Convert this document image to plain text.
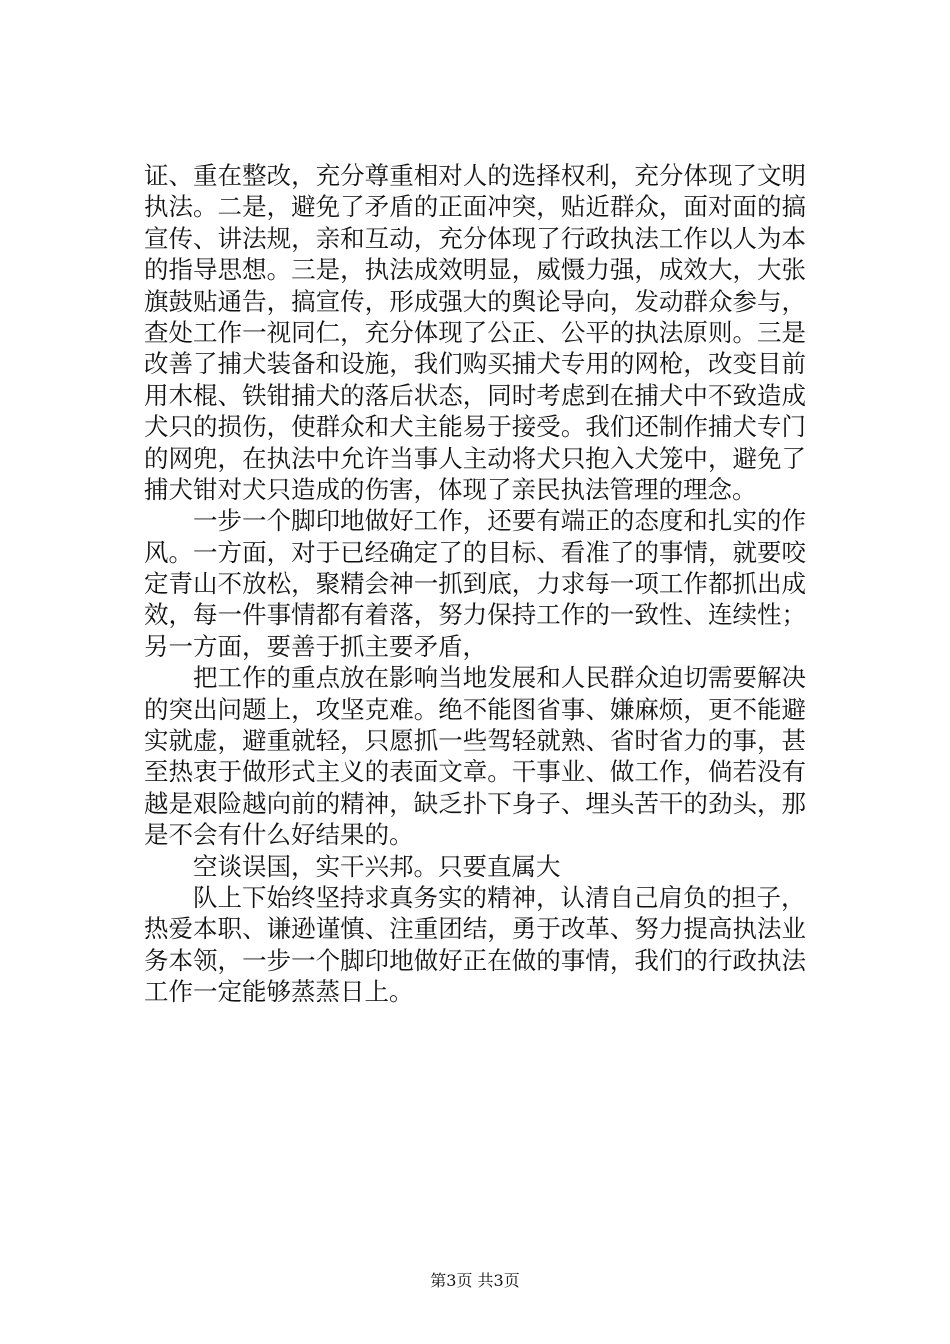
证、重在整改，充分尊重相对人的选择权利，充分体现了文明
执法。二是，避免了矛盾的正面冲突，贴近群众，面对面的搞
宣传、讲法规，亲和互动，充分体现了行政执法工作以人为本
的指导思想。三是，执法成效明显，威慑力强，成效大，大张
旗鼓贴通告，搞宣传，形成强大的舆论导向，发动群众参与，
查处工作一视同仁，充分体现了公正、公平的执法原则。三是
改善了捕犬装备和设施，我们购买捕犬专用的网枪，改变目前
用木棍、铁钳捕犬的落后状态，同时考虑到在捕犬中不致造成
犬只的损伤，使群众和犬主能易于接受。我们还制作捕犬专门
的网兜，在执法中允许当事人主动将犬只抱入犬笼中，避免了
捕犬钳对犬只造成的伤害，体现了亲民执法管理的理念。
一步一个脚印地做好工作，还要有端正的态度和扎实的作
风。一方面，对于已经确定了的目标、看准了的事情，就要咬
定青山不放松，聚精会神一抓到底，力求每一项工作都抓出成
效，每一件事情都有着落，努力保持工作的一致性、连续性；
另一方面，要善于抓主要矛盾，
把工作的重点放在影响当地发展和人民群众迫切需要解决
的突出问题上，攻坚克难。绝不能图省事、嫌麻烦，更不能避
实就虚，避重就轻，只愿抓一些驾轻就熟、省时省力的事，甚
至热衷于做形式主义的表面文章。干事业、做工作，倘若没有
越是艰险越向前的精神，缺乏扑下身子、埋头苦干的劲头，那
是不会有什么好结果的。
空谈误国，实干兴邦。只要直属大
队上下始终坚持求真务实的精神，认清自己肩负的担子，
热爱本职、谦逊谨慎、注重团结，勇于改革、努力提高执法业
务本领，一步一个脚印地做好正在做的事情，我们的行政执法
工作一定能够蒸蒸日上。
第3页 共3页
